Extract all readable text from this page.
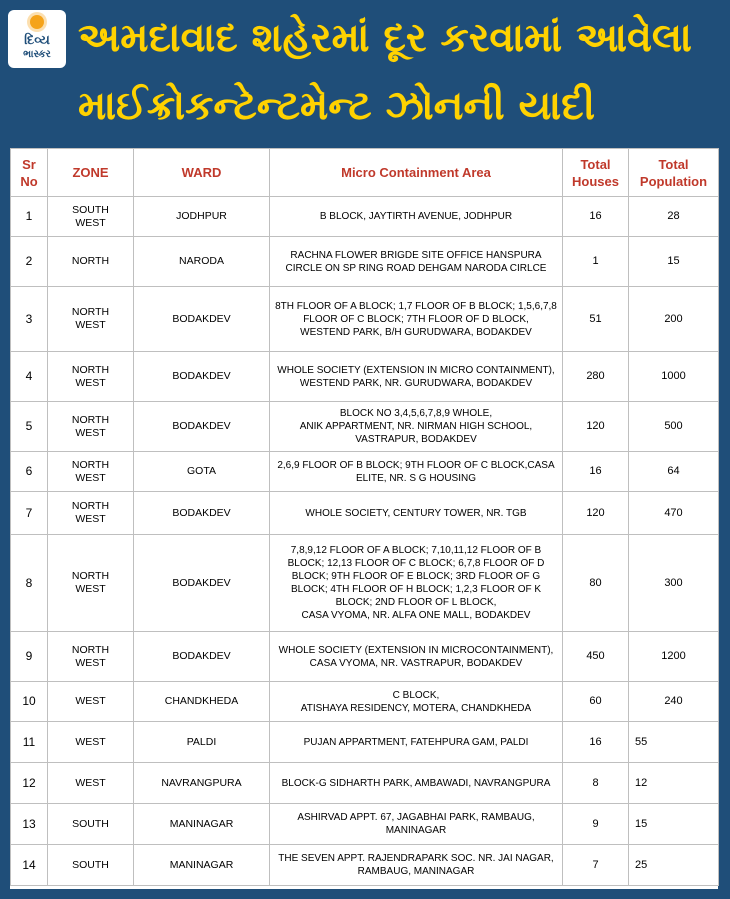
દિવ્ય
ભાસ્કર અમદાવાદ શહેરમાં દૂર કરવામાં આવેલા
માઈક્રોકન્ટેન્ટમેન્ટ ઝોનની યાદી
Sr No	ZONE	WARD	Micro Containment Area	Total Houses	Total Population
1	SOUTH WEST	JODHPUR	B BLOCK, JAYTIRTH AVENUE, JODHPUR	16	28
2	NORTH	NARODA	RACHNA FLOWER BRIGDE SITE OFFICE HANSPURA CIRCLE ON SP RING ROAD DEHGAM NARODA CIRLCE	1	15
3	NORTH WEST	BODAKDEV	8TH FLOOR OF A BLOCK; 1,7 FLOOR OF B BLOCK; 1,5,6,7,8 FLOOR OF C BLOCK; 7TH FLOOR OF D BLOCK,
WESTEND PARK, B/H GURUDWARA, BODAKDEV	51	200
4	NORTH WEST	BODAKDEV	WHOLE SOCIETY (EXTENSION IN MICRO CONTAINMENT),
WESTEND PARK, NR. GURUDWARA, BODAKDEV	280	1000
5	NORTH WEST	BODAKDEV	BLOCK NO 3,4,5,6,7,8,9 WHOLE,
ANIK APPARTMENT, NR. NIRMAN HIGH SCHOOL, VASTRAPUR, BODAKDEV	120	500
6	NORTH WEST	GOTA	2,6,9 FLOOR OF B BLOCK; 9TH FLOOR OF C BLOCK,CASA ELITE, NR. S G HOUSING	16	64
7	NORTH WEST	BODAKDEV	WHOLE SOCIETY, CENTURY TOWER, NR. TGB	120	470
8	NORTH WEST	BODAKDEV	7,8,9,12 FLOOR OF A BLOCK; 7,10,11,12 FLOOR OF B BLOCK; 12,13 FLOOR OF C BLOCK; 6,7,8 FLOOR OF D BLOCK; 9TH FLOOR OF E BLOCK; 3RD FLOOR OF G BLOCK; 4TH FLOOR OF H BLOCK; 1,2,3 FLOOR OF K BLOCK; 2ND FLOOR OF L BLOCK,
CASA VYOMA, NR. ALFA ONE MALL, BODAKDEV	80	300
9	NORTH WEST	BODAKDEV	WHOLE SOCIETY (EXTENSION IN MICROCONTAINMENT), CASA VYOMA, NR. VASTRAPUR, BODAKDEV	450	1200
10	WEST	CHANDKHEDA	C BLOCK,
ATISHAYA RESIDENCY, MOTERA, CHANDKHEDA	60	240
11	WEST	PALDI	PUJAN APPARTMENT, FATEHPURA GAM, PALDI	16	55
12	WEST	NAVRANGPURA	BLOCK-G SIDHARTH PARK, AMBAWADI, NAVRANGPURA	8	12
13	SOUTH	MANINAGAR	ASHIRVAD APPT. 67, JAGABHAI PARK, RAMBAUG, MANINAGAR	9	15
14	SOUTH	MANINAGAR	THE SEVEN APPT. RAJENDRAPARK SOC. NR. JAI NAGAR, RAMBAUG, MANINAGAR	7	25
